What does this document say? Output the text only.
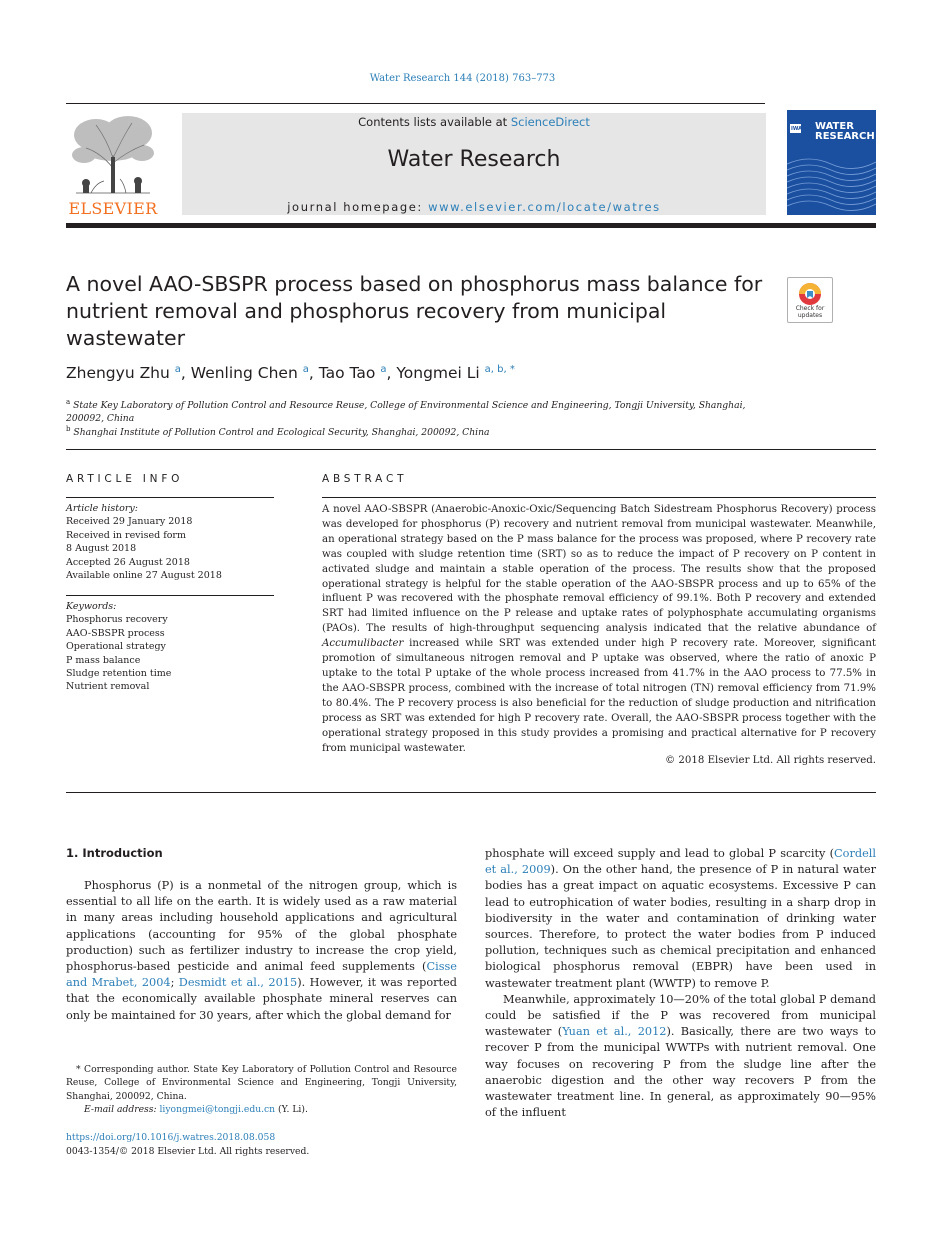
Water Research 144 (2018) 763–773
ELSEVIER
Contents lists available at ScienceDirect
Water Research
journal homepage: www.elsevier.com/locate/watres
IWA WATER
RESEARCH
A novel AAO-SBSPR process based on phosphorus mass balance for nutrient removal and phosphorus recovery from municipal wastewater
Check for
updates
Zhengyu Zhu $^a$, Wenling Chen $^a$, Tao Tao $^a$, Yongmei Li $^{a, b, *}$
$^a$ State Key Laboratory of Pollution Control and Resource Reuse, College of Environmental Science and Engineering, Tongji University, Shanghai, 200092, China
$^b$ Shanghai Institute of Pollution Control and Ecological Security, Shanghai, 200092, China
ARTICLE INFO
Article history:
Received 29 January 2018
Received in revised form
8 August 2018
Accepted 26 August 2018
Available online 27 August 2018
Keywords:
Phosphorus recovery
AAO-SBSPR process
Operational strategy
P mass balance
Sludge retention time
Nutrient removal
ABSTRACT
A novel AAO-SBSPR (Anaerobic-Anoxic-Oxic/Sequencing Batch Sidestream Phosphorus Recovery) process was developed for phosphorus (P) recovery and nutrient removal from municipal wastewater. Meanwhile, an operational strategy based on the P mass balance for the process was proposed, where P recovery rate was coupled with sludge retention time (SRT) so as to reduce the impact of P recovery on P content in activated sludge and maintain a stable operation of the process. The results show that the proposed operational strategy is helpful for the stable operation of the AAO-SBSPR process and up to 65% of the influent P was recovered with the phosphate removal efficiency of 99.1%. Both P recovery and extended SRT had limited influence on the P release and uptake rates of polyphosphate accumulating organisms (PAOs). The results of high-throughput sequencing analysis indicated that the relative abundance of Accumulibacter increased while SRT was extended under high P recovery rate. Moreover, significant promotion of simultaneous nitrogen removal and P uptake was observed, where the ratio of anoxic P uptake to the total P uptake of the whole process increased from 41.7% in the AAO process to 77.5% in the AAO-SBSPR process, combined with the increase of total nitrogen (TN) removal efficiency from 71.9% to 80.4%. The P recovery process is also beneficial for the reduction of sludge production and nitrification process as SRT was extended for high P recovery rate. Overall, the AAO-SBSPR process together with the operational strategy proposed in this study provides a promising and practical alternative for P recovery from municipal wastewater.
© 2018 Elsevier Ltd. All rights reserved.
1. Introduction

Phosphorus (P) is a nonmetal of the nitrogen group, which is essential to all life on the earth. It is widely used as a raw material in many areas including household applications and agricultural applications (accounting for 95% of the global phosphate production) such as fertilizer industry to increase the crop yield, phosphorus-based pesticide and animal feed supplements (Cisse and Mrabet, 2004; Desmidt et al., 2015). However, it was reported that the economically available phosphate mineral reserves can only be maintained for 30 years, after which the global demand for

phosphate will exceed supply and lead to global P scarcity (Cordell et al., 2009). On the other hand, the presence of P in natural water bodies has a great impact on aquatic ecosystems. Excessive P can lead to eutrophication of water bodies, resulting in a sharp drop in biodiversity in the water and contamination of drinking water sources. Therefore, to protect the water bodies from P induced pollution, techniques such as chemical precipitation and enhanced biological phosphorus removal (EBPR) have been used in wastewater treatment plant (WWTP) to remove P.

Meanwhile, approximately 10—20% of the total global P demand could be satisfied if the P was recovered from municipal wastewater (Yuan et al., 2012). Basically, there are two ways to recover P from the municipal WWTPs with nutrient removal. One way focuses on recovering P from the sludge line after the anaerobic digestion and the other way recovers P from the wastewater treatment line. In general, as approximately 90—95% of the influent

* Corresponding author. State Key Laboratory of Pollution Control and Resource Reuse, College of Environmental Science and Engineering, Tongji University, Shanghai, 200092, China.
E-mail address: liyongmei@tongji.edu.cn (Y. Li).
https://doi.org/10.1016/j.watres.2018.08.058
0043-1354/© 2018 Elsevier Ltd. All rights reserved.
